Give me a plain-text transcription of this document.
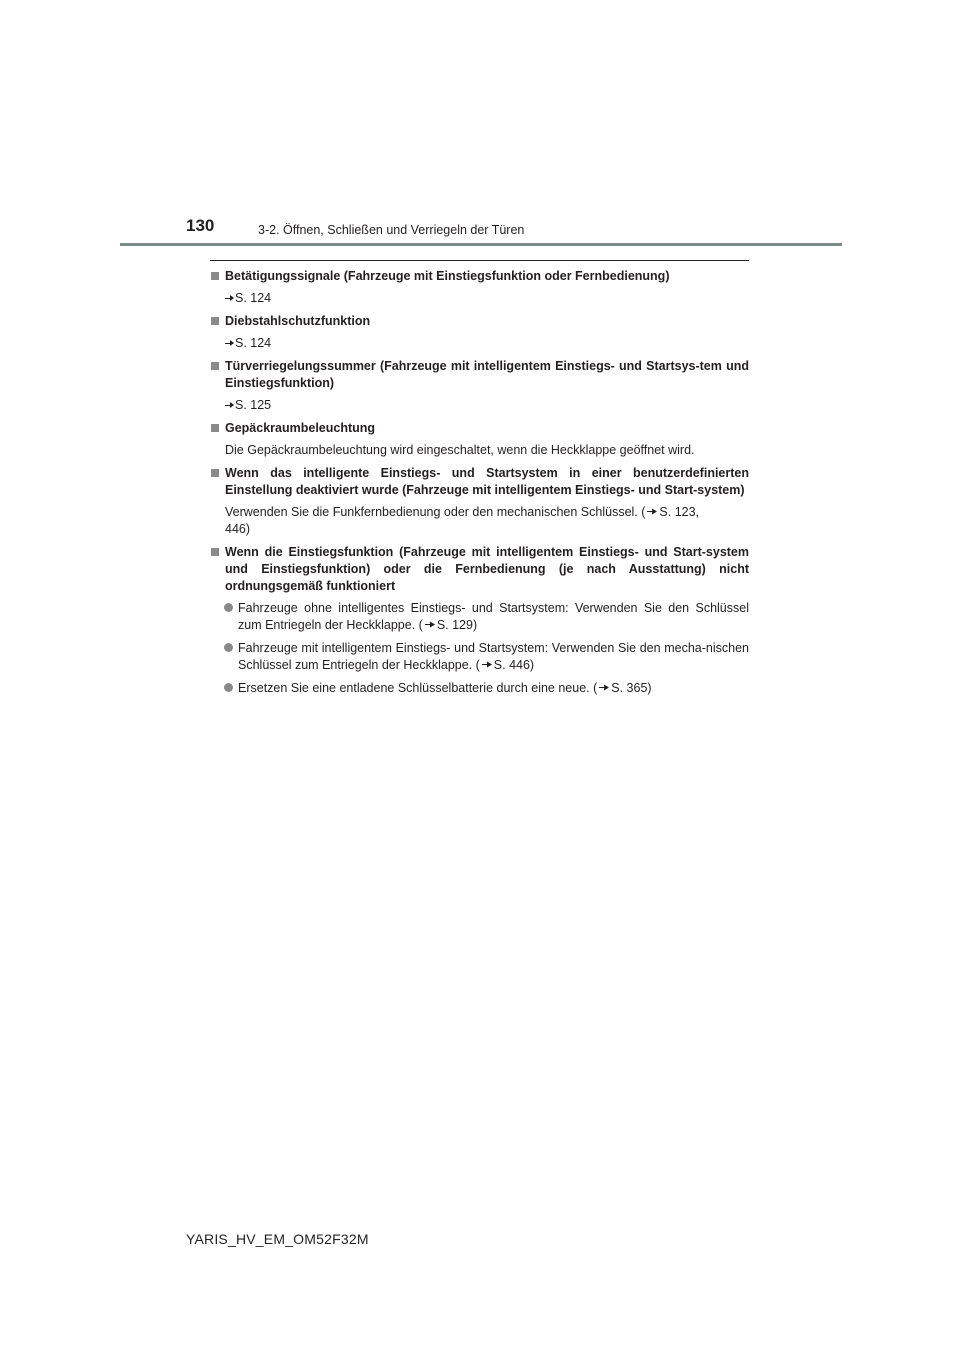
130	3-2. Öffnen, Schließen und Verriegeln der Türen
Betätigungssignale (Fahrzeuge mit Einstiegsfunktion oder Fernbedienung)
S. 124
Diebstahlschutzfunktion
S. 124
Türverriegelungssummer (Fahrzeuge mit intelligentem Einstiegs- und Startsys-tem und Einstiegsfunktion)
S. 125
Gepäckraumbeleuchtung
Die Gepäckraumbeleuchtung wird eingeschaltet, wenn die Heckklappe geöffnet wird.
Wenn das intelligente Einstiegs- und Startsystem in einer benutzerdefinierten Einstellung deaktiviert wurde (Fahrzeuge mit intelligentem Einstiegs- und Start-system)
Verwenden Sie die Funkfernbedienung oder den mechanischen Schlüssel. ( S. 123,
446)
Wenn die Einstiegsfunktion (Fahrzeuge mit intelligentem Einstiegs- und Start-system und Einstiegsfunktion) oder die Fernbedienung (je nach Ausstattung) nicht ordnungsgemäß funktioniert
Fahrzeuge ohne intelligentes Einstiegs- und Startsystem: Verwenden Sie den Schlüssel zum Entriegeln der Heckklappe. ( S. 129)
Fahrzeuge mit intelligentem Einstiegs- und Startsystem: Verwenden Sie den mecha-nischen Schlüssel zum Entriegeln der Heckklappe. ( S. 446)
Ersetzen Sie eine entladene Schlüsselbatterie durch eine neue. ( S. 365)
YARIS_HV_EM_OM52F32M
